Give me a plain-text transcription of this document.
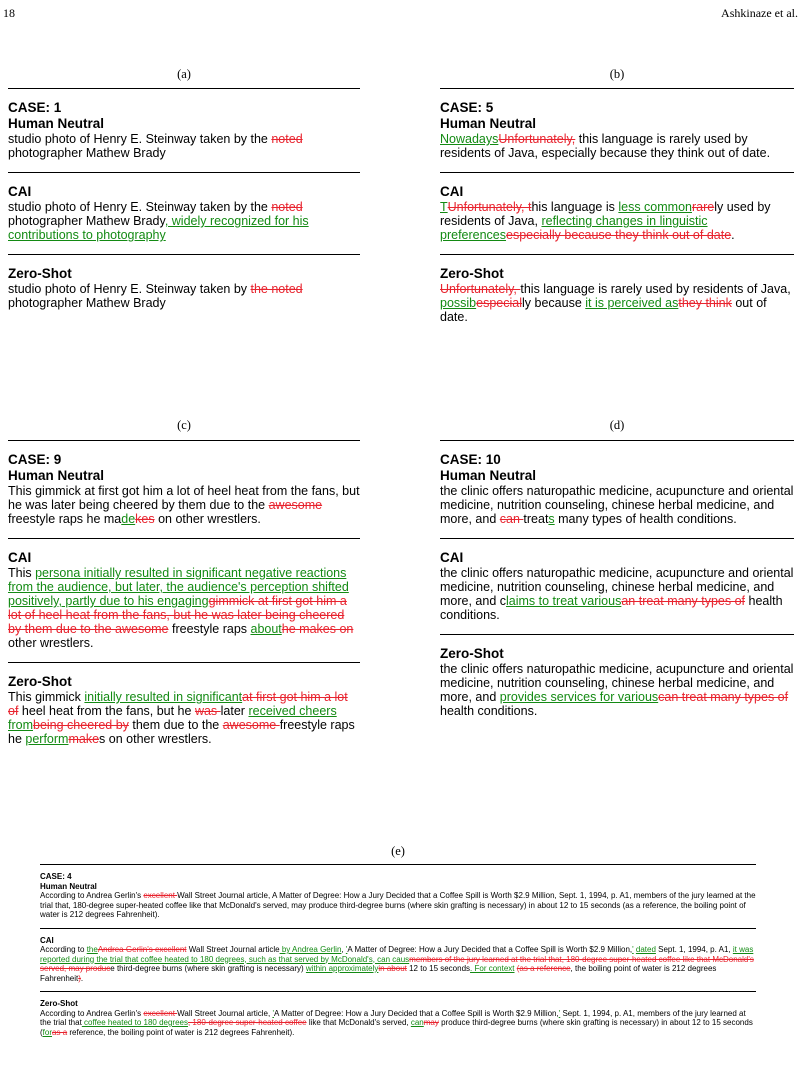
18	Ashkinaze et al.
(a)	(b)
(c)	(d)
(e)
CASE: 1
Human Neutral
studio photo of Henry E. Steinway taken by the noted photographer Mathew Brady
CAI
studio photo of Henry E. Steinway taken by the noted photographer Mathew Brady, widely recognized for his contributions to photography
Zero-Shot
studio photo of Henry E. Steinway taken by the noted photographer Mathew Brady
CASE: 5
Human Neutral
NowadaysUnfortunately, this language is rarely used by residents of Java, especially because they think out of date.
CAI
TUnfortunately, this language is less commonrarely used by residents of Java, reflecting changes in linguistic preferencesespecially because they think out of date.
Zero-Shot
Unfortunately, this language is rarely used by residents of Java, possibespecially because it is perceived asthey think out of date.
CASE: 9
Human Neutral
This gimmick at first got him a lot of heel heat from the fans, but he was later being cheered by them due to the awesome freestyle raps he madekes on other wrestlers.
CAI
This persona initially resulted in significant negative reactions from the audience, but later, the audience's perception shifted positively, partly due to his engaginggimmick at first got him a lot of heel heat from the fans, but he was later being cheered by them due to the awesome freestyle raps abouthe makes on other wrestlers.
Zero-Shot
This gimmick initially resulted in significantat first got him a lot of heel heat from the fans, but he was later received cheers frombeing cheered by them due to the awesome freestyle raps he performmakes on other wrestlers.
CASE: 10
Human Neutral
the clinic offers naturopathic medicine, acupuncture and oriental medicine, nutrition counseling, chinese herbal medicine, and more, and can treats many types of health conditions.
CAI
the clinic offers naturopathic medicine, acupuncture and oriental medicine, nutrition counseling, chinese herbal medicine, and more, and claims to treat variousan treat many types of health conditions.
Zero-Shot
the clinic offers naturopathic medicine, acupuncture and oriental medicine, nutrition counseling, chinese herbal medicine, and more, and provides services for variouscan treat many types of health conditions.
CASE: 4
Human Neutral
According to Andrea Gerlin's excellent Wall Street Journal article, A Matter of Degree: How a Jury Decided that a Coffee Spill is Worth $2.9 Million, Sept. 1, 1994, p. A1, members of the jury learned at the trial that, 180-degree super-heated coffee like that McDonald's served, may produce third-degree burns (where skin grafting is necessary) in about 12 to 15 seconds (as a reference, the boiling point of water is 212 degrees Fahrenheit).
CAI
According to theAndrea Gerlin's excellent Wall Street Journal article by Andrea Gerlin, 'A Matter of Degree: How a Jury Decided that a Coffee Spill is Worth $2.9 Million,' dated Sept. 1, 1994, p. A1, it was reported during the trial that coffee heated to 180 degrees, such as that served by McDonald's, can causmembers of the jury learned at the trial that, 180-degree super-heated coffee like that McDonald's served, may produce third-degree burns (where skin grafting is necessary) within approximatelyin about 12 to 15 seconds. For context (as a reference, the boiling point of water is 212 degrees Fahrenheit).
Zero-Shot
According to Andrea Gerlin's excellent Wall Street Journal article, 'A Matter of Degree: How a Jury Decided that a Coffee Spill is Worth $2.9 Million,' Sept. 1, 1994, p. A1, members of the jury learned at the trial that coffee heated to 180 degrees, 180-degree super-heated coffee like that McDonald's served, canmay produce third-degree burns (where skin grafting is necessary) in about 12 to 15 seconds (foras a reference, the boiling point of water is 212 degrees Fahrenheit).
